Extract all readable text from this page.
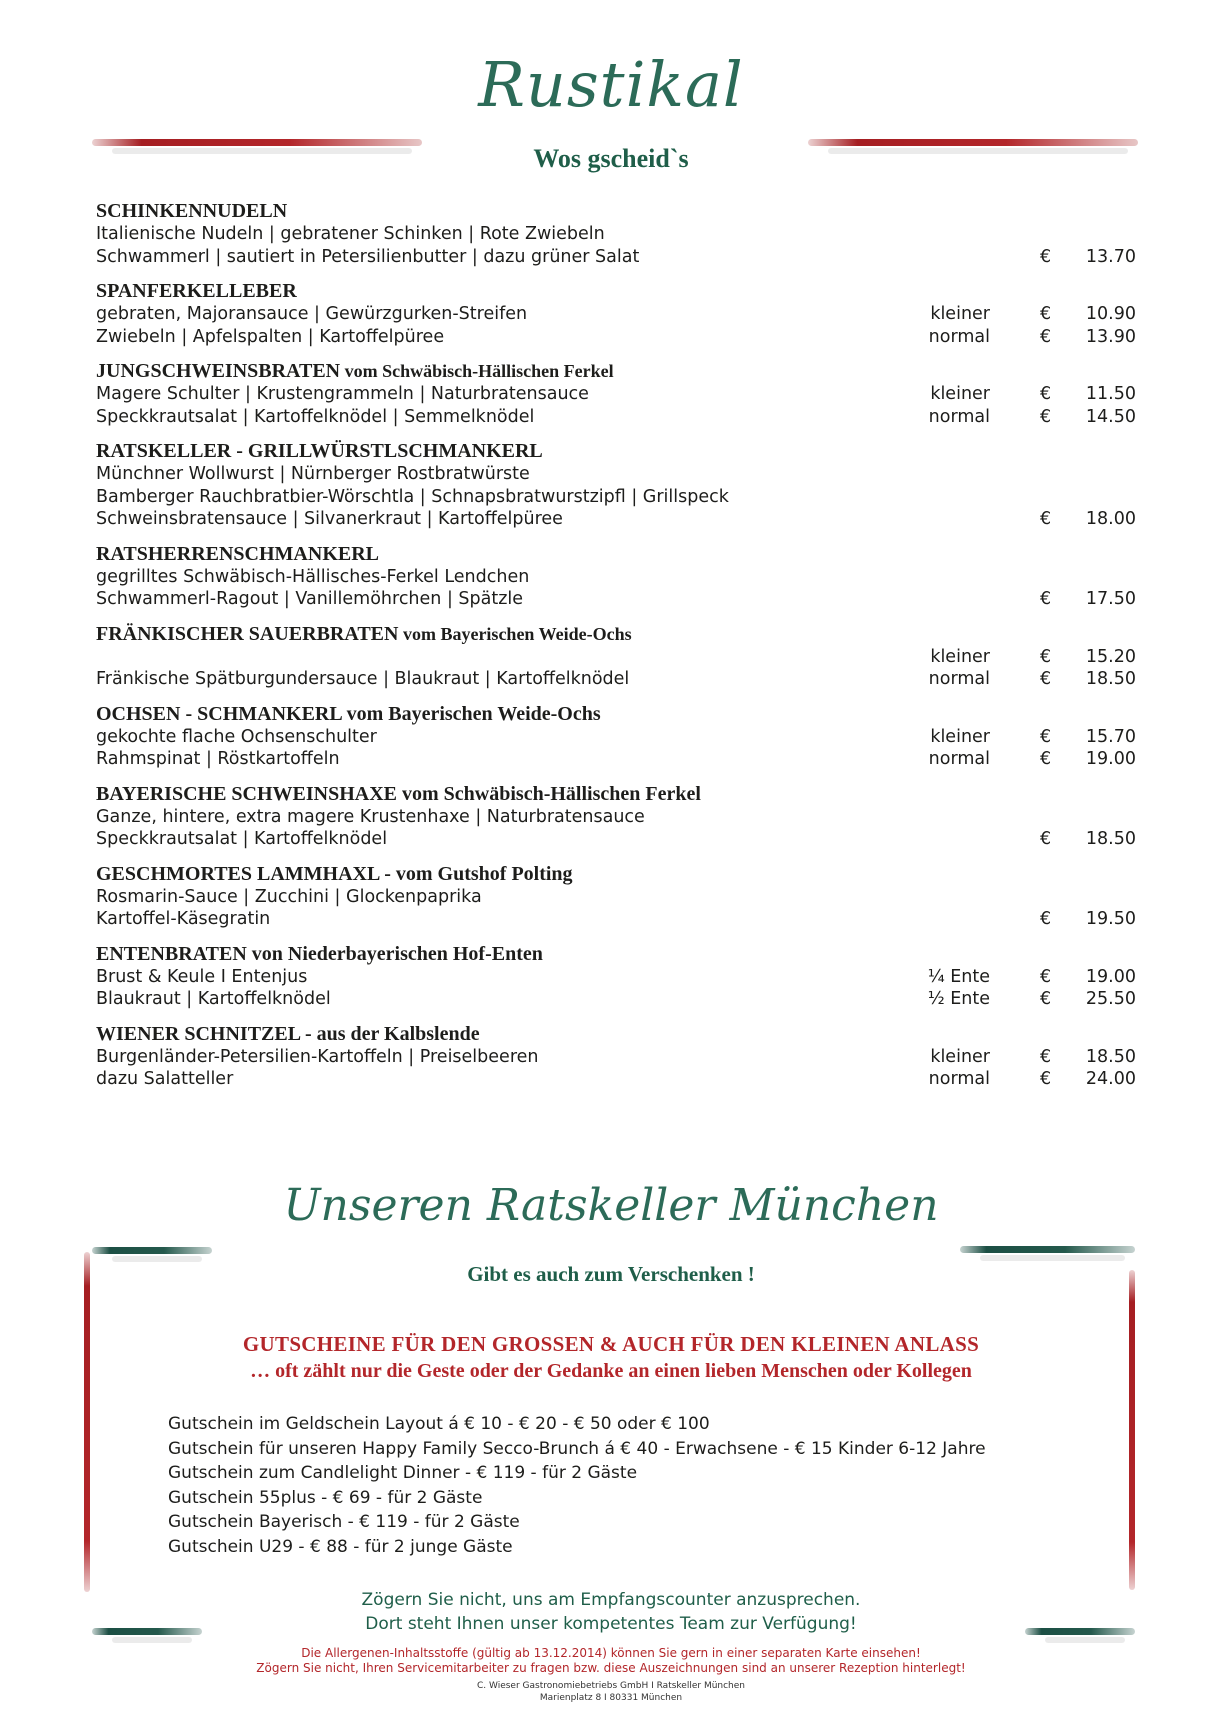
Rustikal
Wos gscheid`s
SCHINKENNUDELN
Italienische Nudeln | gebratener Schinken | Rote Zwiebeln
Schwammerl | sautiert in Petersilienbutter | dazu grüner Salat	€ 13.70
SPANFERKELLEBER
gebraten, Majoransauce | Gewürzgurken-Streifen	kleiner	€ 10.90
Zwiebeln | Apfelspalten | Kartoffelpüree	normal	€ 13.90
JUNGSCHWEINSBRATEN vom Schwäbisch-Hällischen Ferkel
Magere Schulter | Krustengrammeln | Naturbratensauce	kleiner	€ 11.50
Speckkrautsalat | Kartoffelknödel | Semmelknödel	normal	€ 14.50
RATSKELLER - GRILLWÜRSTLSCHMANKERL
Münchner Wollwurst | Nürnberger Rostbratwürste
Bamberger Rauchbratbier-Wörschtla | Schnapsbratwurstzipfl | Grillspeck
Schweinsbratensauce | Silvanerkraut | Kartoffelpüree	€ 18.00
RATSHERRENSCHMANKERL
gegrilltes Schwäbisch-Hällisches-Ferkel Lendchen
Schwammerl-Ragout | Vanillemöhrchen | Spätzle	€ 17.50
FRÄNKISCHER SAUERBRATEN vom Bayerischen Weide-Ochs
kleiner	€ 15.20
Fränkische Spätburgundersauce | Blaukraut | Kartoffelknödel	normal	€ 18.50
OCHSEN - SCHMANKERL vom Bayerischen Weide-Ochs
gekochte flache Ochsenschulter	kleiner	€ 15.70
Rahmspinat | Röstkartoffeln	normal	€ 19.00
BAYERISCHE SCHWEINSHAXE vom Schwäbisch-Hällischen Ferkel
Ganze, hintere, extra magere Krustenhaxe | Naturbratensauce
Speckkrautsalat | Kartoffelknödel	€ 18.50
GESCHMORTES LAMMHAXL - vom Gutshof Polting
Rosmarin-Sauce | Zucchini | Glockenpaprika
Kartoffel-Käsegratin	€ 19.50
ENTENBRATEN von Niederbayerischen Hof-Enten
Brust & Keule I Entenjus	¼ Ente	€ 19.00
Blaukraut | Kartoffelknödel	½ Ente	€ 25.50
WIENER SCHNITZEL - aus der Kalbslende
Burgenländer-Petersilien-Kartoffeln | Preiselbeeren	kleiner	€ 18.50
dazu Salatteller	normal	€ 24.00
Unseren Ratskeller München
Gibt es auch zum Verschenken !
GUTSCHEINE FÜR DEN GROSSEN & AUCH FÜR DEN KLEINEN ANLASS
… oft zählt nur die Geste oder der Gedanke an einen lieben Menschen oder Kollegen
Gutschein im Geldschein Layout á € 10 - € 20 - € 50 oder € 100
Gutschein für unseren Happy Family Secco-Brunch á € 40 - Erwachsene - € 15 Kinder 6-12 Jahre
Gutschein zum Candlelight Dinner - € 119 - für 2 Gäste
Gutschein 55plus - € 69 - für 2 Gäste
Gutschein Bayerisch - € 119 - für 2 Gäste
Gutschein U29 - € 88 - für 2 junge Gäste
Zögern Sie nicht, uns am Empfangscounter anzusprechen.
Dort steht Ihnen unser kompetentes Team zur Verfügung!
Die Allergenen-Inhaltsstoffe (gültig ab 13.12.2014) können Sie gern in einer separaten Karte einsehen!
Zögern Sie nicht, Ihren Servicemitarbeiter zu fragen bzw. diese Auszeichnungen sind an unserer Rezeption hinterlegt!
C. Wieser Gastronomiebetriebs GmbH I Ratskeller München
Marienplatz 8 I 80331 München
